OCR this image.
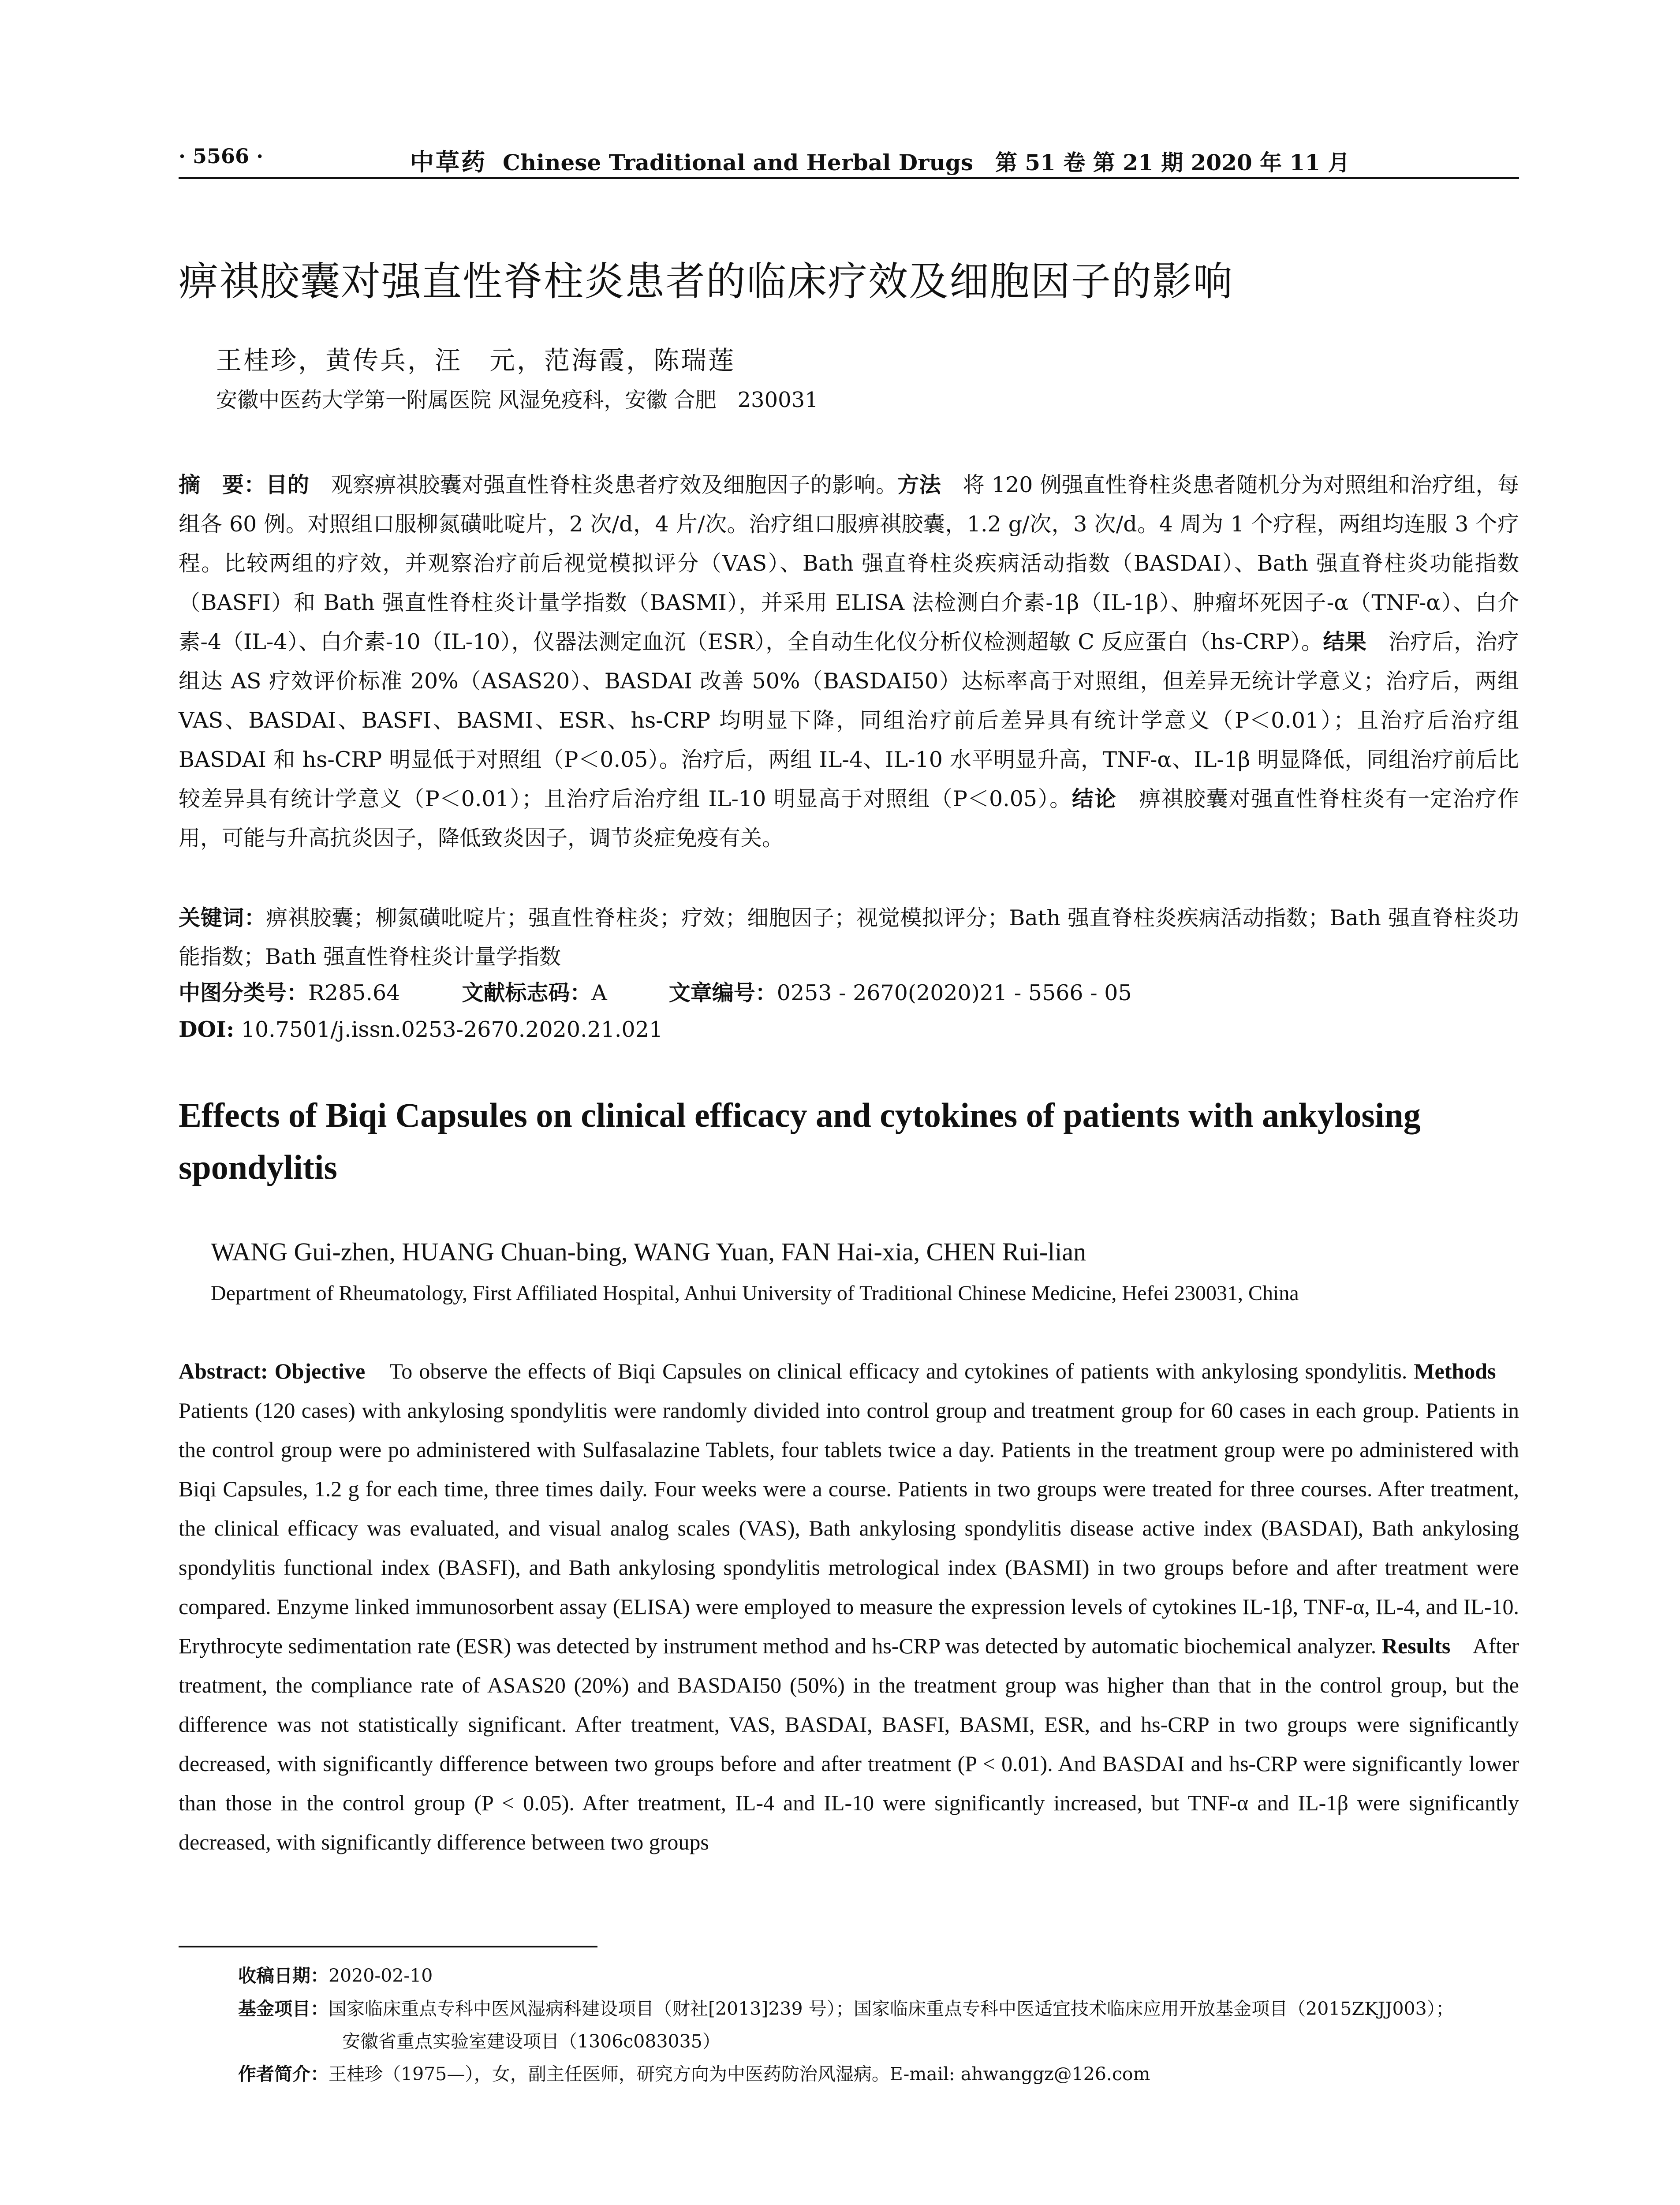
· 5566 ·	中草药 Chinese Traditional and Herbal Drugs　第 51 卷 第 21 期 2020 年 11 月
痹祺胶囊对强直性脊柱炎患者的临床疗效及细胞因子的影响
王桂珍，黄传兵，汪　元，范海霞，陈瑞莲
安徽中医药大学第一附属医院 风湿免疫科，安徽 合肥　230031
摘　要：目的　观察痹祺胶囊对强直性脊柱炎患者疗效及细胞因子的影响。方法　将 120 例强直性脊柱炎患者随机分为对照组和治疗组，每组各 60 例。对照组口服柳氮磺吡啶片，2 次/d，4 片/次。治疗组口服痹祺胶囊，1.2 g/次，3 次/d。4 周为 1 个疗程，两组均连服 3 个疗程。比较两组的疗效，并观察治疗前后视觉模拟评分（VAS）、Bath 强直脊柱炎疾病活动指数（BASDAI）、Bath 强直脊柱炎功能指数（BASFI）和 Bath 强直性脊柱炎计量学指数（BASMI），并采用 ELISA 法检测白介素-1β（IL-1β）、肿瘤坏死因子-α（TNF-α）、白介素-4（IL-4）、白介素-10（IL-10），仪器法测定血沉（ESR），全自动生化仪分析仪检测超敏 C 反应蛋白（hs-CRP）。结果　治疗后，治疗组达 AS 疗效评价标准 20%（ASAS20）、BASDAI 改善 50%（BASDAI50）达标率高于对照组，但差异无统计学意义；治疗后，两组 VAS、BASDAI、BASFI、BASMI、ESR、hs-CRP 均明显下降，同组治疗前后差异具有统计学意义（P＜0.01）；且治疗后治疗组 BASDAI 和 hs-CRP 明显低于对照组（P＜0.05）。治疗后，两组 IL-4、IL-10 水平明显升高，TNF-α、IL-1β 明显降低，同组治疗前后比较差异具有统计学意义（P＜0.01）；且治疗后治疗组 IL-10 明显高于对照组（P＜0.05）。结论　痹祺胶囊对强直性脊柱炎有一定治疗作用，可能与升高抗炎因子，降低致炎因子，调节炎症免疫有关。
关键词：痹祺胶囊；柳氮磺吡啶片；强直性脊柱炎；疗效；细胞因子；视觉模拟评分；Bath 强直脊柱炎疾病活动指数；Bath 强直脊柱炎功能指数；Bath 强直性脊柱炎计量学指数
中图分类号：R285.64	文献标志码：A	文章编号：0253 - 2670(2020)21 - 5566 - 05
DOI: 10.7501/j.issn.0253-2670.2020.21.021
Effects of Biqi Capsules on clinical efficacy and cytokines of patients with ankylosing spondylitis
WANG Gui-zhen, HUANG Chuan-bing, WANG Yuan, FAN Hai-xia, CHEN Rui-lian
Department of Rheumatology, First Affiliated Hospital, Anhui University of Traditional Chinese Medicine, Hefei 230031, China
Abstract: Objective　To observe the effects of Biqi Capsules on clinical efficacy and cytokines of patients with ankylosing spondylitis. Methods　Patients (120 cases) with ankylosing spondylitis were randomly divided into control group and treatment group for 60 cases in each group. Patients in the control group were po administered with Sulfasalazine Tablets, four tablets twice a day. Patients in the treatment group were po administered with Biqi Capsules, 1.2 g for each time, three times daily. Four weeks were a course. Patients in two groups were treated for three courses. After treatment, the clinical efficacy was evaluated, and visual analog scales (VAS), Bath ankylosing spondylitis disease active index (BASDAI), Bath ankylosing spondylitis functional index (BASFI), and Bath ankylosing spondylitis metrological index (BASMI) in two groups before and after treatment were compared. Enzyme linked immunosorbent assay (ELISA) were employed to measure the expression levels of cytokines IL-1β, TNF-α, IL-4, and IL-10. Erythrocyte sedimentation rate (ESR) was detected by instrument method and hs-CRP was detected by automatic biochemical analyzer. Results　After treatment, the compliance rate of ASAS20 (20%) and BASDAI50 (50%) in the treatment group was higher than that in the control group, but the difference was not statistically significant. After treatment, VAS, BASDAI, BASFI, BASMI, ESR, and hs-CRP in two groups were significantly decreased, with significantly difference between two groups before and after treatment (P < 0.01). And BASDAI and hs-CRP were significantly lower than those in the control group (P < 0.05). After treatment, IL-4 and IL-10 were significantly increased, but TNF-α and IL-1β were significantly decreased, with significantly difference between two groups
收稿日期：2020-02-10
基金项目：国家临床重点专科中医风湿病科建设项目（财社[2013]239 号）；国家临床重点专科中医适宜技术临床应用开放基金项目（2015ZKJJ003）；
安徽省重点实验室建设项目（1306c083035）
作者简介：王桂珍（1975—），女，副主任医师，研究方向为中医药防治风湿病。E-mail: ahwanggz@126.com
